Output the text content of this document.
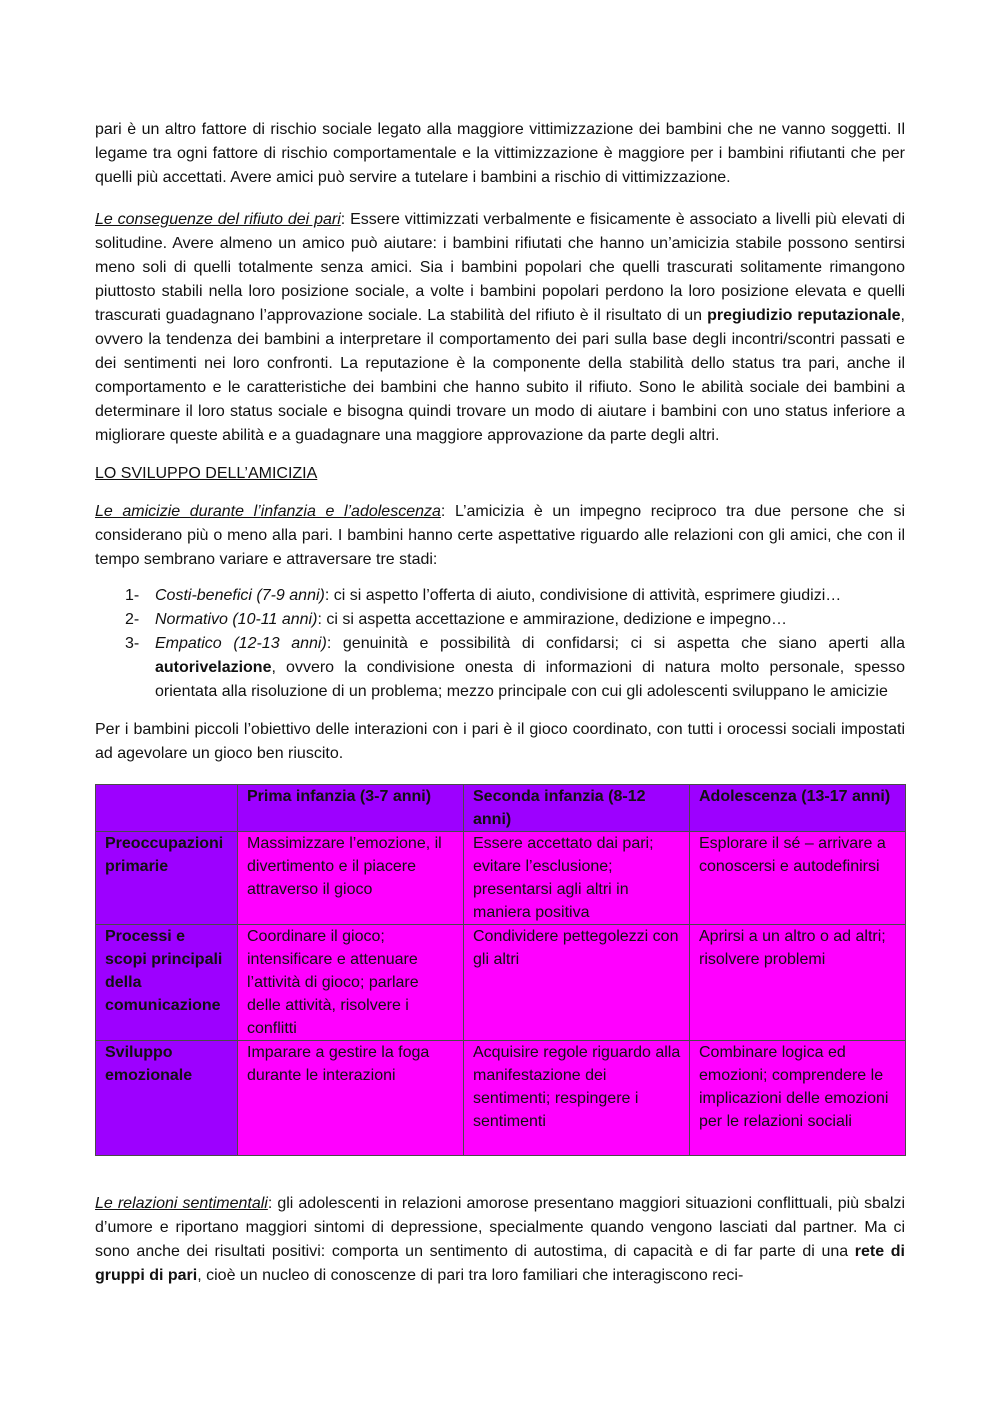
pari è un altro fattore di rischio sociale legato alla maggiore vittimizzazione dei bambini che ne vanno soggetti. Il legame tra ogni fattore di rischio comportamentale e la vittimizzazione è maggiore per i bambini rifiutanti che per quelli più accettati. Avere amici può servire a tutelare i bambini a rischio di vittimizzazione.

Le conseguenze del rifiuto dei pari: Essere vittimizzati verbalmente e fisicamente è associato a livelli più elevati di solitudine. Avere almeno un amico può aiutare: i bambini rifiutati che hanno un’amicizia stabile possono sentirsi meno soli di quelli totalmente senza amici. Sia i bambini popolari che quelli trascurati solitamente rimangono piuttosto stabili nella loro posizione sociale, a volte i bambini popolari perdono la loro posizione elevata e quelli trascurati guadagnano l’approvazione sociale. La stabilità del rifiuto è il risultato di un pregiudizio reputazionale, ovvero la tendenza dei bambini a interpretare il comportamento dei pari sulla base degli incontri/scontri passati e dei sentimenti nei loro confronti. La reputazione è la componente della stabilità dello status tra pari, anche il comportamento e le caratteristiche dei bambini che hanno subito il rifiuto. Sono le abilità sociale dei bambini a determinare il loro status sociale e bisogna quindi trovare un modo di aiutare i bambini con uno status inferiore a migliorare queste abilità e a guadagnare una maggiore approvazione da parte degli altri.

LO SVILUPPO DELL’AMICIZIA

Le amicizie durante l’infanzia e l’adolescenza: L’amicizia è un impegno reciproco tra due persone che si considerano più o meno alla pari. I bambini hanno certe aspettative riguardo alle relazioni con gli amici, che con il tempo sembrano variare e attraversare tre stadi:

1- Costi-benefici (7-9 anni): ci si aspetto l’offerta di aiuto, condivisione di attività, esprimere giudizi…
2- Normativo (10-11 anni): ci si aspetta accettazione e ammirazione, dedizione e impegno…
3- Empatico (12-13 anni): genuinità e possibilità di confidarsi; ci si aspetta che siano aperti alla autorivelazione, ovvero la condivisione onesta di informazioni di natura molto personale, spesso orientata alla risoluzione di un problema; mezzo principale con cui gli adolescenti sviluppano le amicizie

Per i bambini piccoli l’obiettivo delle interazioni con i pari è il gioco coordinato, con tutti i orocessi sociali impostati ad agevolare un gioco ben riuscito.

	Prima infanzia (3-7 anni)	Seconda infanzia (8-12 anni)	Adolescenza (13-17 anni)
Preoccupazioni primarie	Massimizzare l’emozione, il divertimento e il piacere attraverso il gioco	Essere accettato dai pari; evitare l’esclusione; presentarsi agli altri in maniera positiva	Esplorare il sé – arrivare a conoscersi e autodefinirsi
Processi e scopi principali della comunicazione	Coordinare il gioco; intensificare e attenuare l’attività di gioco; parlare delle attività, risolvere i conflitti	Condividere pettegolezzi con gli altri	Aprirsi a un altro o ad altri; risolvere problemi
Sviluppo emozionale	Imparare a gestire la foga durante le interazioni	Acquisire regole riguardo alla manifestazione dei sentimenti; respingere i sentimenti	Combinare logica ed emozioni; comprendere le implicazioni delle emozioni per le relazioni sociali

Le relazioni sentimentali: gli adolescenti in relazioni amorose presentano maggiori situazioni conflittuali, più sbalzi d’umore e riportano maggiori sintomi di depressione, specialmente quando vengono lasciati dal partner. Ma ci sono anche dei risultati positivi: comporta un sentimento di autostima, di capacità e di far parte di una rete di gruppi di pari, cioè un nucleo di conoscenze di pari tra loro familiari che interagiscono reci-
